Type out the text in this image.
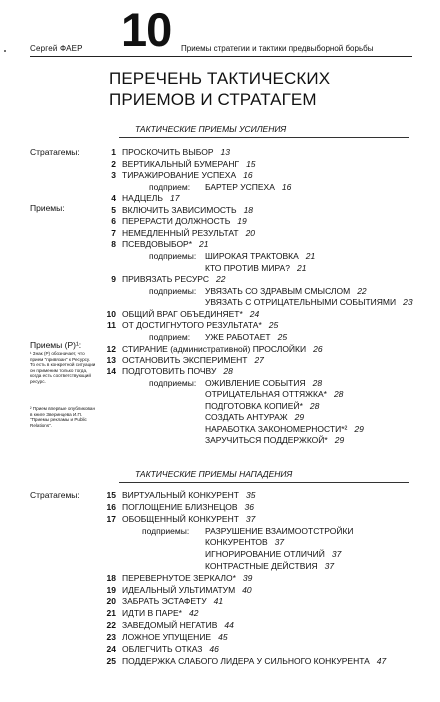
Сергей ФАЕР 10 Приемы стратегии и тактики предвыборной борьбы
ПЕРЕЧЕНЬ ТАКТИЧЕСКИХ
ПРИЕМОВ И СТРАТАГЕМ
ТАКТИЧЕСКИЕ ПРИЕМЫ УСИЛЕНИЯ
Стратагемы:
Приемы:
Приемы (Р)¹:
¹ Знак (Р) обозначает, что прием "привязан" к Ресурсу. То есть в конкретной ситуации он применим только тогда, когда есть соответствующий ресурс.
² Прием впервые опубликован в книге Зверинцева И.П. "Приемы рекламы и Public Relations".
1 ПРОСКОЧИТЬ ВЫБОР 13
2 ВЕРТИКАЛЬНЫЙ БУМЕРАНГ 15
3 ТИРАЖИРОВАНИЕ УСПЕХА 16
подприем: БАРТЕР УСПЕХА 16
4 НАДЦЕЛЬ 17
5 ВКЛЮЧИТЬ ЗАВИСИМОСТЬ 18
6 ПЕРЕРАСТИ ДОЛЖНОСТЬ 19
7 НЕМЕДЛЕННЫЙ РЕЗУЛЬТАТ 20
8 ПСЕВДОВЫБОР* 21
подприемы: ШИРОКАЯ ТРАКТОВКА 21
КТО ПРОТИВ МИРА? 21
9 ПРИВЯЗАТЬ РЕСУРС 22
подприемы: УВЯЗАТЬ СО ЗДРАВЫМ СМЫСЛОМ 22
УВЯЗАТЬ С ОТРИЦАТЕЛЬНЫМИ СОБЫТИЯМИ 23
10 ОБЩИЙ ВРАГ ОБЪЕДИНЯЕТ* 24
11 ОТ ДОСТИГНУТОГО РЕЗУЛЬТАТА* 25
подприем: УЖЕ РАБОТАЕТ 25
12 СТИРАНИЕ (административной) ПРОСЛОЙКИ 26
13 ОСТАНОВИТЬ ЭКСПЕРИМЕНТ 27
14 ПОДГОТОВИТЬ ПОЧВУ 28
подприемы: ОЖИВЛЕНИЕ СОБЫТИЯ 28
ОТРИЦАТЕЛЬНАЯ ОТТЯЖКА* 28
ПОДГОТОВКА КОПИЕЙ* 28
СОЗДАТЬ АНТУРАЖ 29
НАРАБОТКА ЗАКОНОМЕРНОСТИ*² 29
ЗАРУЧИТЬСЯ ПОДДЕРЖКОЙ* 29
ТАКТИЧЕСКИЕ ПРИЕМЫ НАПАДЕНИЯ
Стратагемы:	15 ВИРТУАЛЬНЫЙ КОНКУРЕНТ 35
16 ПОГЛОЩЕНИЕ БЛИЗНЕЦОВ 36
17 ОБОБЩЕННЫЙ КОНКУРЕНТ 37
подприемы: РАЗРУШЕНИЕ ВЗАИМООТСТРОЙКИ
КОНКУРЕНТОВ 37
ИГНОРИРОВАНИЕ ОТЛИЧИЙ 37
КОНТРАСТНЫЕ ДЕЙСТВИЯ 37
18 ПЕРЕВЕРНУТОЕ ЗЕРКАЛО* 39
19 ИДЕАЛЬНЫЙ УЛЬТИМАТУМ 40
20 ЗАБРАТЬ ЭСТАФЕТУ 41
21 ИДТИ В ПАРЕ* 42
22 ЗАВЕДОМЫЙ НЕГАТИВ 44
23 ЛОЖНОЕ УПУЩЕНИЕ 45
24 ОБЛЕГЧИТЬ ОТКАЗ 46
25 ПОДДЕРЖКА СЛАБОГО ЛИДЕРА У СИЛЬНОГО КОНКУРЕНТА 47
